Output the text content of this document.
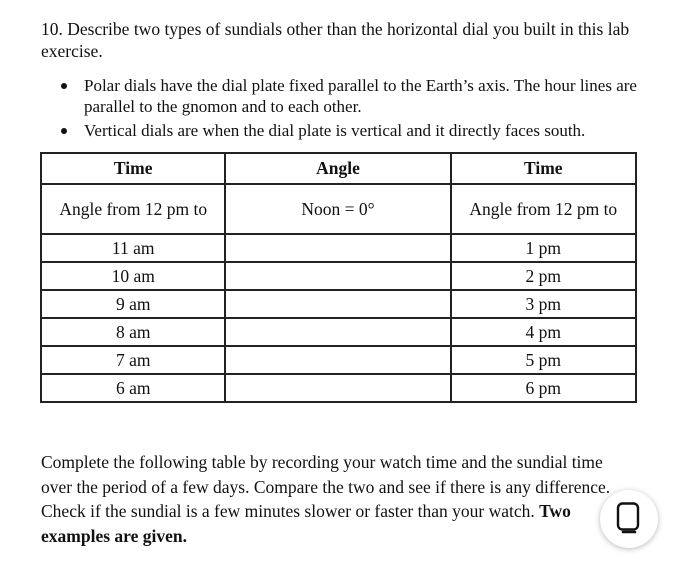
10. Describe two types of sundials other than the horizontal dial you built in this lab exercise.

Polar dials have the dial plate fixed parallel to the Earth’s axis. The hour lines are parallel to the gnomon and to each other.
Vertical dials are when the dial plate is vertical and it directly faces south.
Time	Angle	Time
Angle from 12 pm to	Noon = 0°	Angle from 12 pm to
11 am		1 pm
10 am		2 pm
9 am		3 pm
8 am		4 pm
7 am		5 pm
6 am		6 pm

Complete the following table by recording your watch time and the sundial time over the period of a few days. Compare the two and see if there is any difference. Check if the sundial is a few minutes slower or faster than your watch. Two examples are given.
